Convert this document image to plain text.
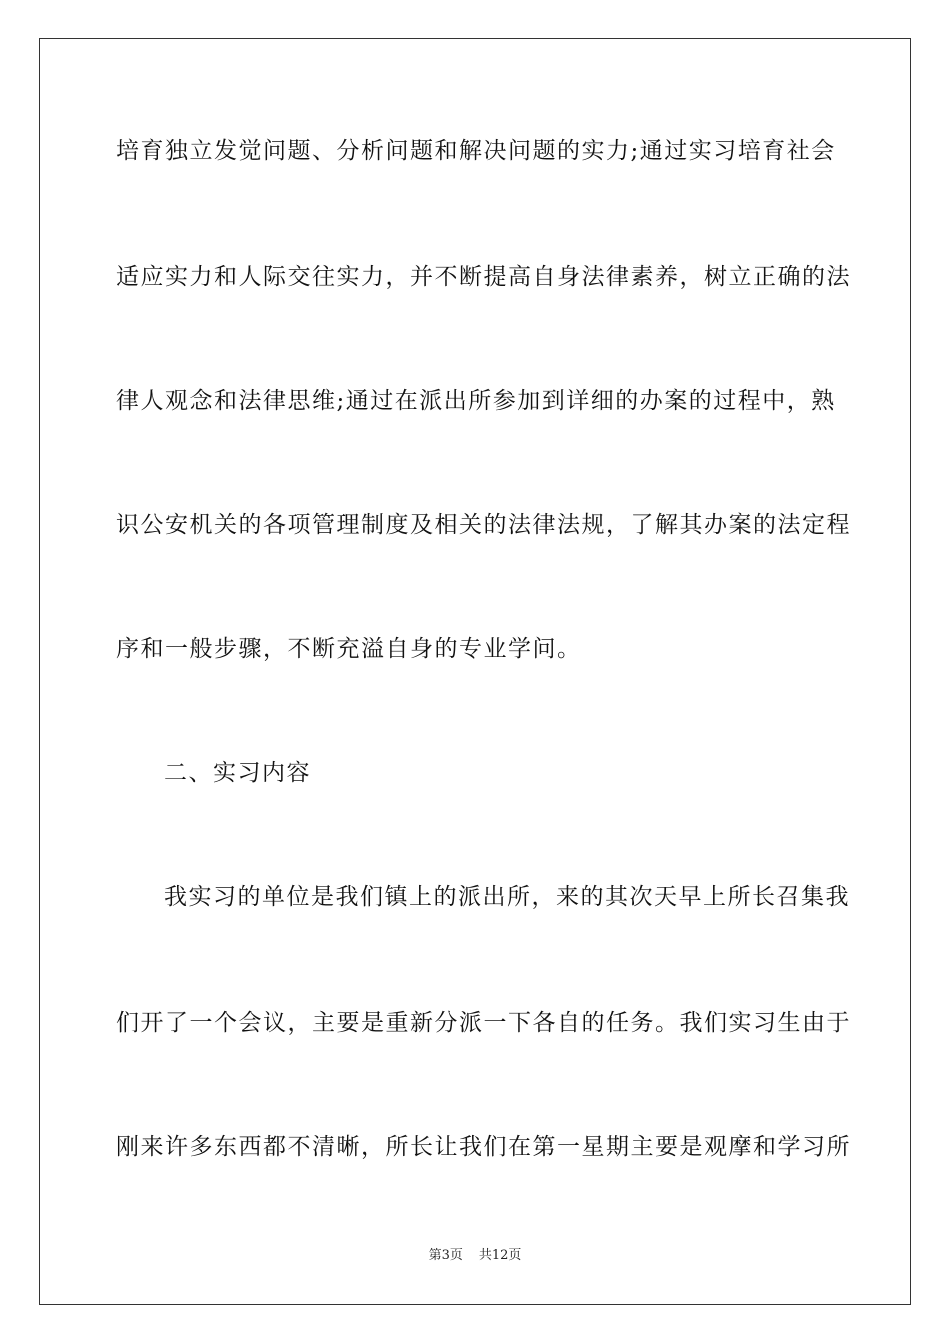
培育独立发觉问题、分析问题和解决问题的实力;通过实习培育社会
适应实力和人际交往实力，并不断提高自身法律素养，树立正确的法
律人观念和法律思维;通过在派出所参加到详细的办案的过程中，熟
识公安机关的各项管理制度及相关的法律法规，了解其办案的法定程
序和一般步骤，不断充溢自身的专业学问。
二、实习内容
我实习的单位是我们镇上的派出所，来的其次天早上所长召集我
们开了一个会议，主要是重新分派一下各自的任务。我们实习生由于
刚来许多东西都不清晰，所长让我们在第一星期主要是观摩和学习所
第3页 共12页
